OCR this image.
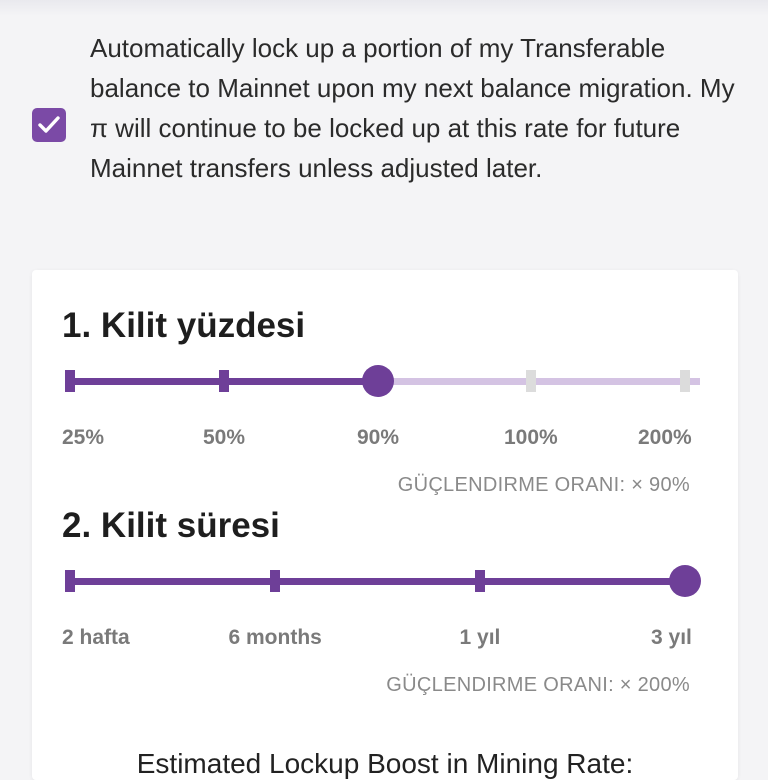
Automatically lock up a portion of my Transferable balance to Mainnet upon my next balance migration. My π will continue to be locked up at this rate for future Mainnet transfers unless adjusted later.
1. Kilit yüzdesi
25%	50%	90%	100%	200%
GÜÇLENDIRME ORANI: × 90%
2. Kilit süresi
2 hafta	6 months	1 yıl	3 yıl
GÜÇLENDIRME ORANI: × 200%
Estimated Lockup Boost in Mining Rate:
